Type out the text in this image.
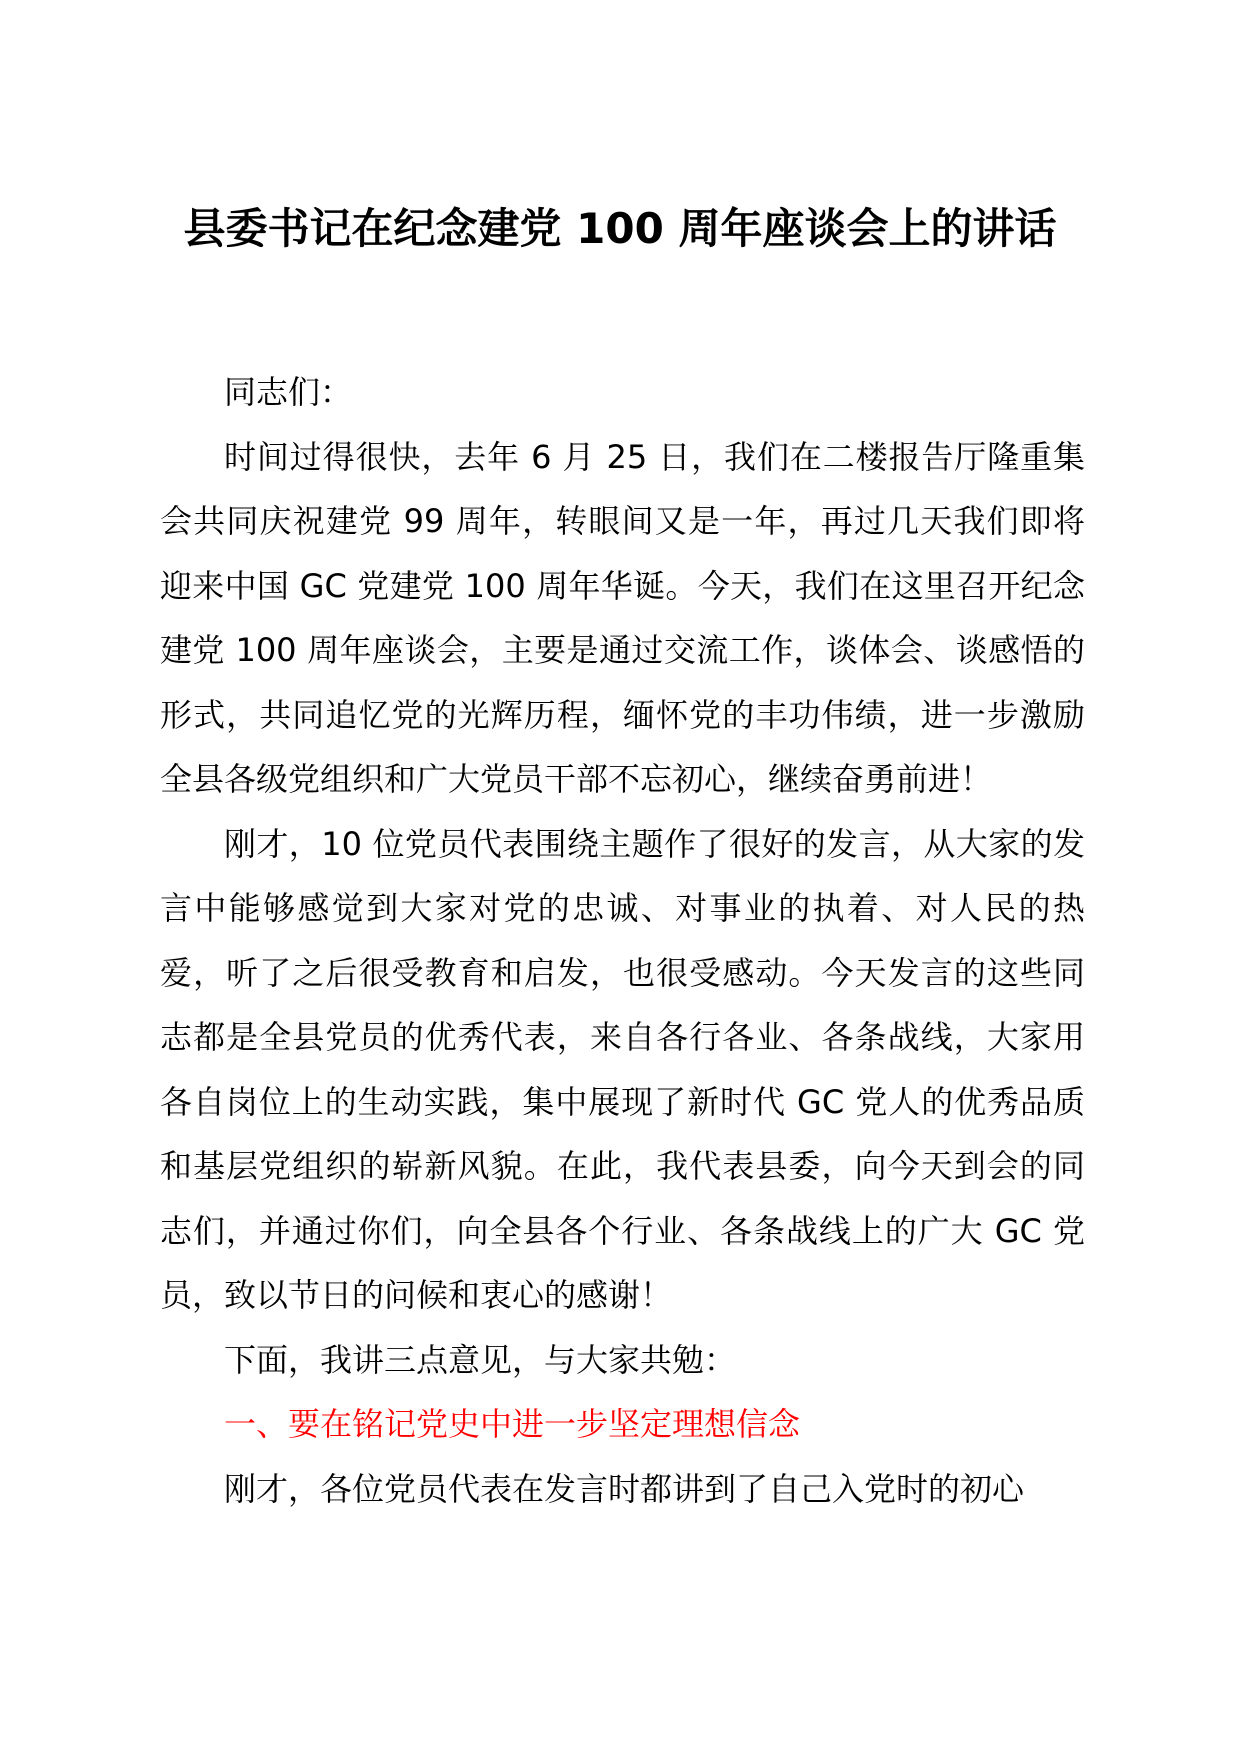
县委书记在纪念建党 100 周年座谈会上的讲话

同志们：

时间过得很快，去年 6 月 25 日，我们在二楼报告厅隆重集会共同庆祝建党 99 周年，转眼间又是一年，再过几天我们即将迎来中国 GC 党建党 100 周年华诞。今天，我们在这里召开纪念建党 100 周年座谈会，主要是通过交流工作，谈体会、谈感悟的形式，共同追忆党的光辉历程，缅怀党的丰功伟绩，进一步激励全县各级党组织和广大党员干部不忘初心，继续奋勇前进！

刚才，10 位党员代表围绕主题作了很好的发言，从大家的发言中能够感觉到大家对党的忠诚、对事业的执着、对人民的热爱，听了之后很受教育和启发，也很受感动。今天发言的这些同志都是全县党员的优秀代表，来自各行各业、各条战线，大家用各自岗位上的生动实践，集中展现了新时代 GC 党人的优秀品质和基层党组织的崭新风貌。在此，我代表县委，向今天到会的同志们，并通过你们，向全县各个行业、各条战线上的广大 GC 党员，致以节日的问候和衷心的感谢！

下面，我讲三点意见，与大家共勉：

一、要在铭记党史中进一步坚定理想信念

刚才，各位党员代表在发言时都讲到了自己入党时的初心
